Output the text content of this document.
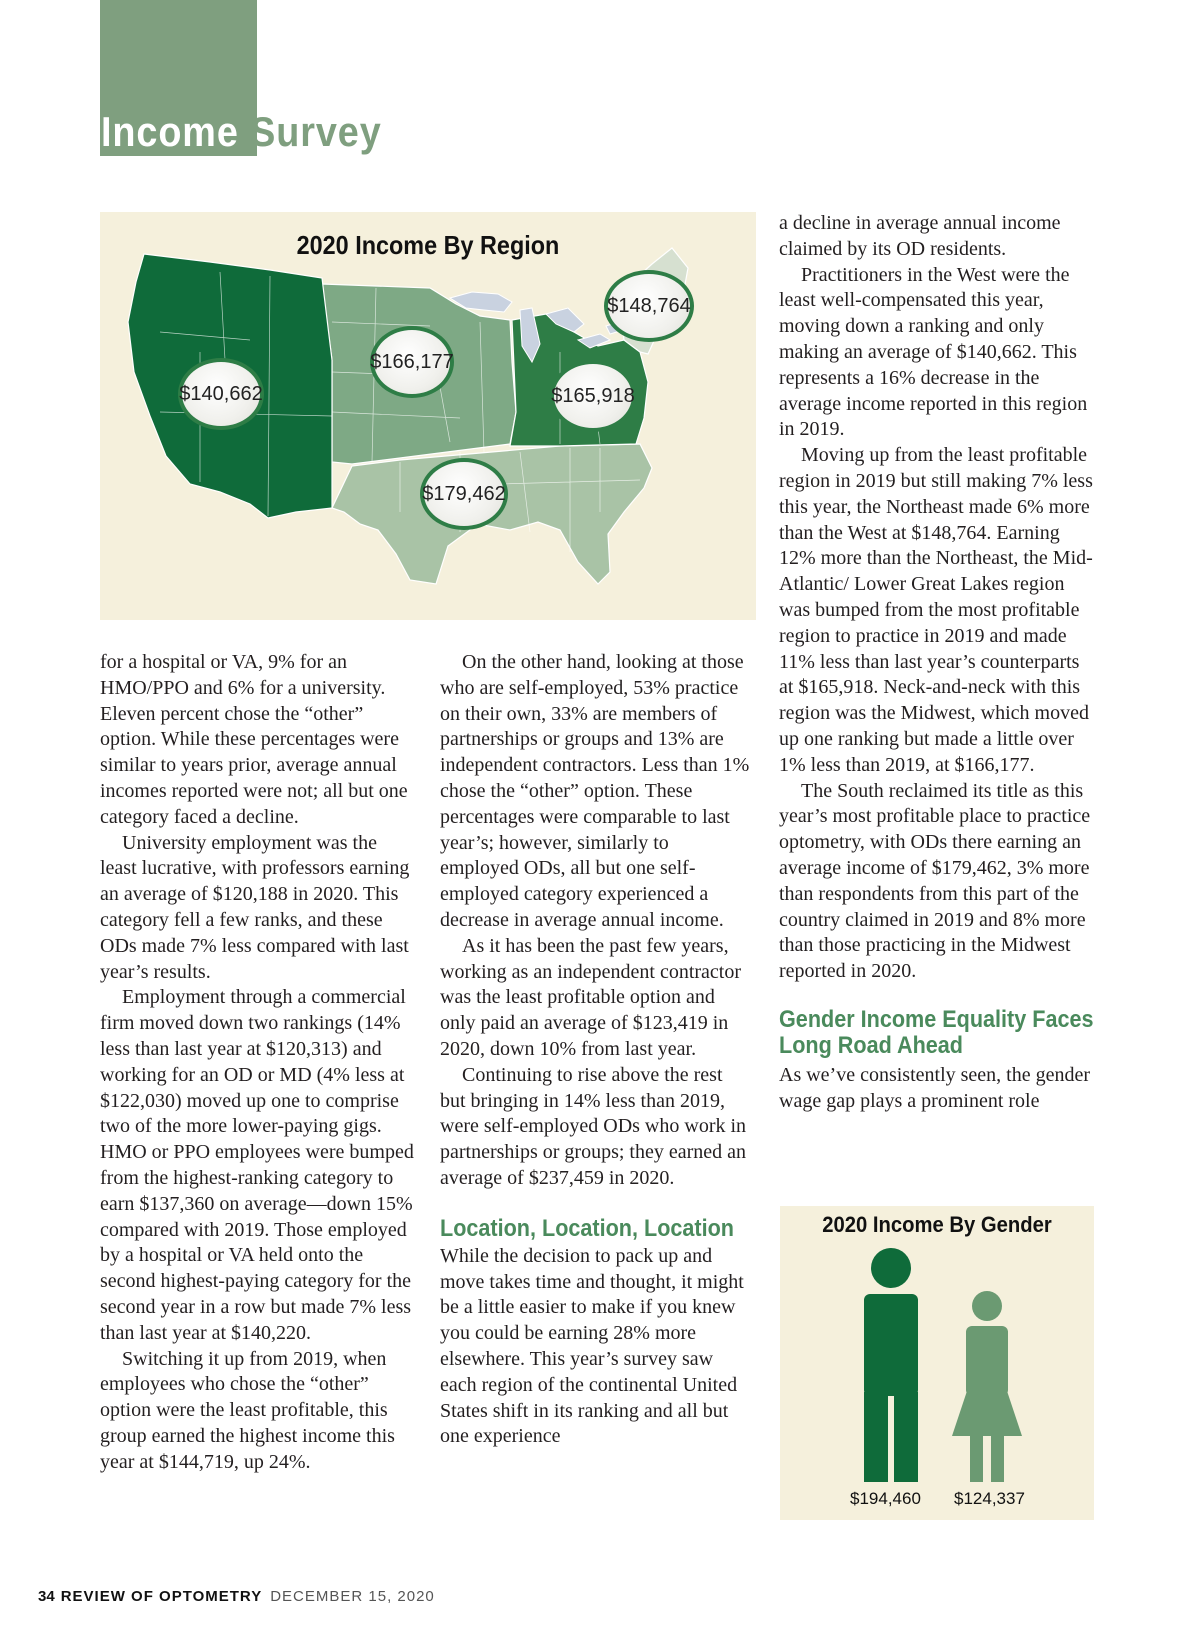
Income Survey
2020 Income By Region
$140,662
$166,177
$148,764
$165,918
$179,462

for a hospital or VA, 9% for an HMO/PPO and 6% for a university. Eleven percent chose the “other” option. While these percentages were similar to years prior, average annual incomes reported were not; all but one category faced a decline.

University employment was the least lucrative, with professors earning an average of $120,188 in 2020. This category fell a few ranks, and these ODs made 7% less compared with last year’s results.

Employment through a commercial firm moved down two rankings (14% less than last year at $120,313) and working for an OD or MD (4% less at $122,030) moved up one to comprise two of the more lower-paying gigs. HMO or PPO employees were bumped from the highest-ranking category to earn $137,360 on average—down 15% compared with 2019. Those employed by a hospital or VA held onto the second highest-paying category for the second year in a row but made 7% less than last year at $140,220.

Switching it up from 2019, when employees who chose the “other” option were the least profitable, this group earned the highest income this year at $144,719, up 24%.

On the other hand, looking at those who are self-employed, 53% practice on their own, 33% are members of partnerships or groups and 13% are independent contractors. Less than 1% chose the “other” option. These percentages were comparable to last year’s; however, similarly to employed ODs, all but one self-employed category experienced a decrease in average annual income.

As it has been the past few years, working as an independent contractor was the least profitable option and only paid an average of $123,419 in 2020, down 10% from last year.

Continuing to rise above the rest but bringing in 14% less than 2019, were self-employed ODs who work in partnerships or groups; they earned an average of $237,459 in 2020.

Location, Location, Location

While the decision to pack up and move takes time and thought, it might be a little easier to make if you knew you could be earning 28% more elsewhere. This year’s survey saw each region of the continental United States shift in its ranking and all but one experience

a decline in average annual income claimed by its OD residents.

Practitioners in the West were the least well-compensated this year, moving down a ranking and only making an average of $140,662. This represents a 16% decrease in the average income reported in this region in 2019.

Moving up from the least profitable region in 2019 but still making 7% less this year, the Northeast made 6% more than the West at $148,764. Earning 12% more than the Northeast, the Mid-Atlantic/ Lower Great Lakes region was bumped from the most profitable region to practice in 2019 and made 11% less than last year’s counterparts at $165,918. Neck-and-neck with this region was the Midwest, which moved up one ranking but made a little over 1% less than 2019, at $166,177.

The South reclaimed its title as this year’s most profitable place to practice optometry, with ODs there earning an average income of $179,462, 3% more than respondents from this part of the country claimed in 2019 and 8% more than those practicing in the Midwest reported in 2020.

Gender Income Equality Faces Long Road Ahead

As we’ve consistently seen, the gender wage gap plays a prominent role

2020 Income By Gender
$194,460 $124,337
34 REVIEW OF OPTOMETRY DECEMBER 15, 2020
